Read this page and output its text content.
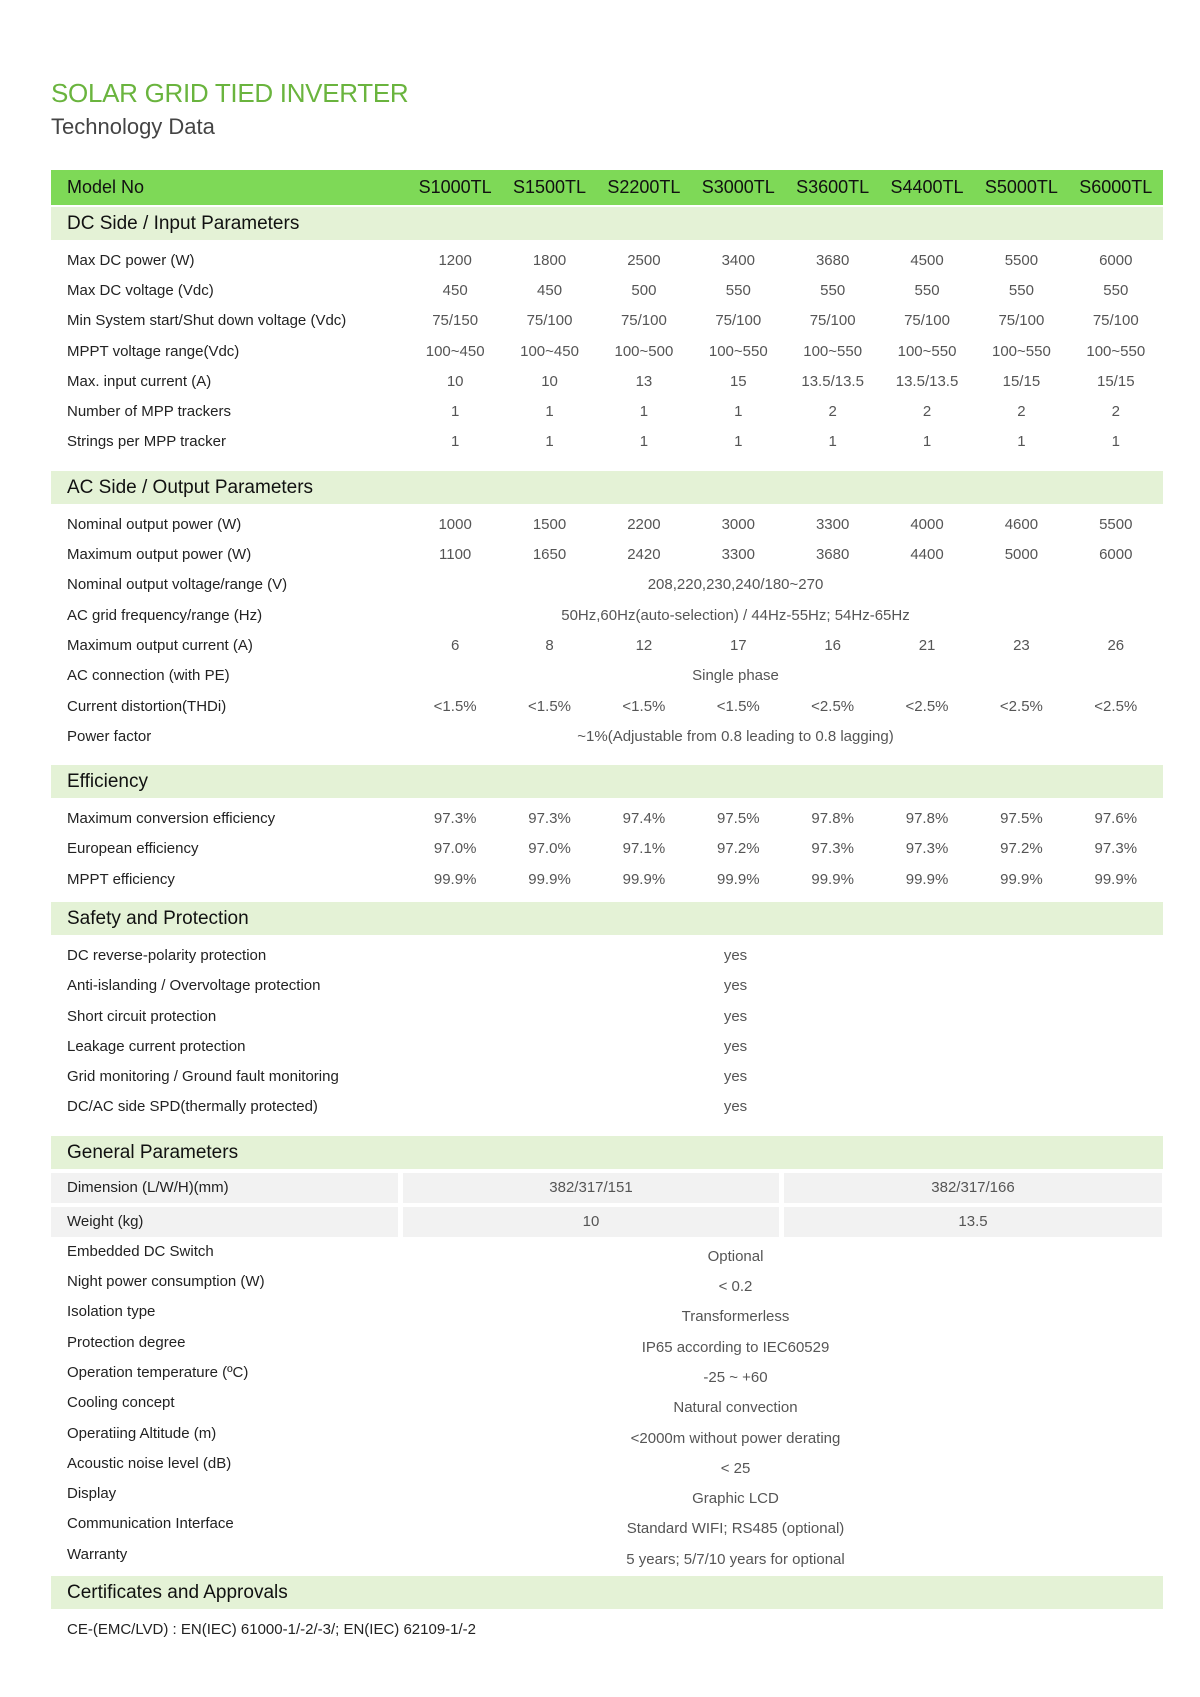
SOLAR GRID TIED INVERTER
Technology Data
Model No	S1000TL	S1500TL	S2200TL	S3000TL	S3600TL	S4400TL	S5000TL	S6000TL
DC Side / Input Parameters
Max DC power (W)	1200	1800	2500	3400	3680	4500	5500	6000
Max DC voltage (Vdc)	450	450	500	550	550	550	550	550
Min System start/Shut down voltage (Vdc)	75/150	75/100	75/100	75/100	75/100	75/100	75/100	75/100
MPPT voltage range(Vdc)	100~450	100~450	100~500	100~550	100~550	100~550	100~550	100~550
Max. input current (A)	10	10	13	15	13.5/13.5	13.5/13.5	15/15	15/15
Number of MPP trackers	1	1	1	1	2	2	2	2
Strings per MPP tracker	1	1	1	1	1	1	1	1
AC Side / Output Parameters
Nominal output power (W)	1000	1500	2200	3000	3300	4000	4600	5500
Maximum output power (W)	1100	1650	2420	3300	3680	4400	5000	6000
Nominal output voltage/range (V)	208,220,230,240/180~270
AC grid frequency/range (Hz)	50Hz,60Hz(auto-selection) / 44Hz-55Hz; 54Hz-65Hz
Maximum output current (A)	6	8	12	17	16	21	23	26
AC connection (with PE)	Single phase
Current distortion(THDi)	<1.5%	<1.5%	<1.5%	<1.5%	<2.5%	<2.5%	<2.5%	<2.5%
Power factor	~1%(Adjustable from 0.8 leading to 0.8 lagging)
Efficiency
Maximum conversion efficiency	97.3%	97.3%	97.4%	97.5%	97.8%	97.8%	97.5%	97.6%
European efficiency	97.0%	97.0%	97.1%	97.2%	97.3%	97.3%	97.2%	97.3%
MPPT efficiency	99.9%	99.9%	99.9%	99.9%	99.9%	99.9%	99.9%	99.9%
Safety and Protection
DC reverse-polarity protection	yes
Anti-islanding / Overvoltage protection	yes
Short circuit protection	yes
Leakage current protection	yes
Grid monitoring / Ground fault monitoring	yes
DC/AC side SPD(thermally protected)	yes
General Parameters
Dimension (L/W/H)(mm)	382/317/151	382/317/166
Weight (kg)	10	13.5
Embedded DC Switch	Optional
Night power consumption (W)	< 0.2
Isolation type	Transformerless
Protection degree	IP65 according to IEC60529
Operation temperature (ºC)	-25 ~ +60
Cooling concept	Natural convection
Operatiing Altitude (m)	<2000m without power derating
Acoustic noise level (dB)	< 25
Display	Graphic LCD
Communication Interface	Standard WIFI; RS485 (optional)
Warranty	5 years; 5/7/10 years for optional
Certificates and Approvals
CE-(EMC/LVD) : EN(IEC) 61000-1/-2/-3/; EN(IEC) 62109-1/-2
